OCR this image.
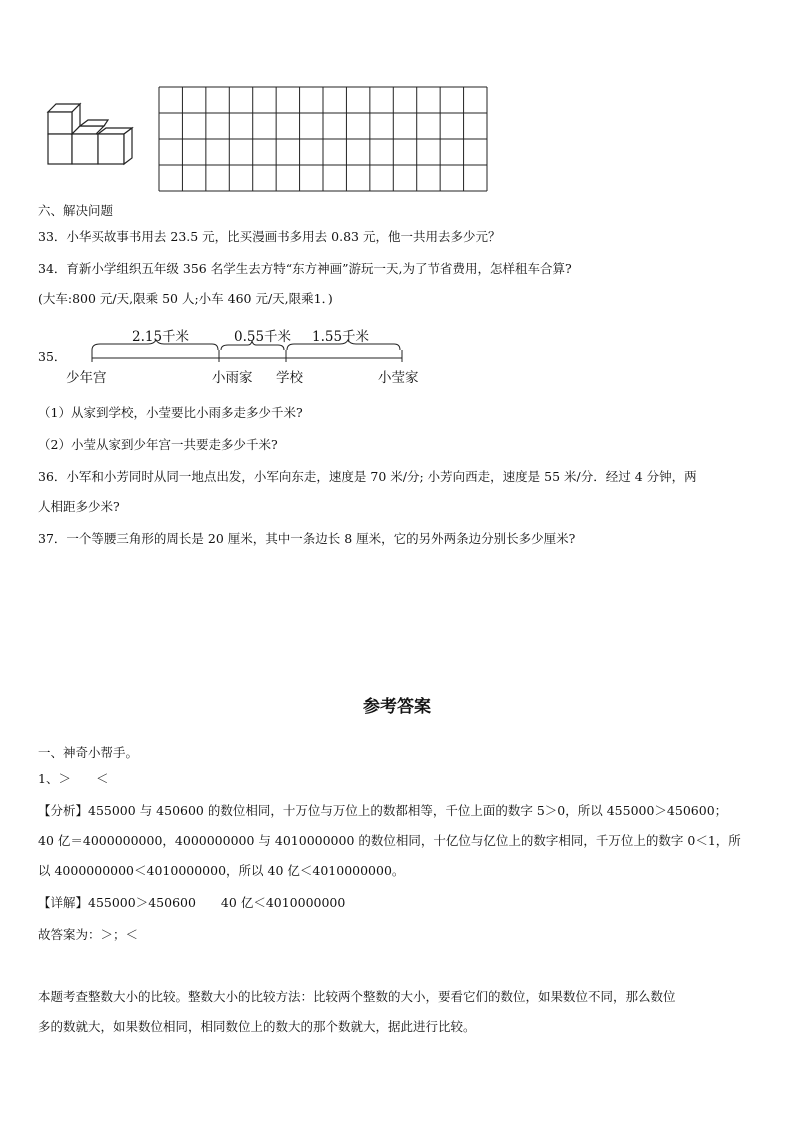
六、解决问题
33．小华买故事书用去 23.5 元，比买漫画书多用去 0.83 元，他一共用去多少元？
34．育新小学组织五年级 356 名学生去方特“东方神画”游玩一天,为了节省费用，怎样租车合算?
(大车:800 元/天,限乘 50 人;小车 460 元/天,限乘1．)
35．
2.15千米	0.55千米 1.55千米
少年宫	小雨家 学校	小莹家
（1）从家到学校，小莹要比小雨多走多少千米?
（2）小莹从家到少年宫一共要走多少千米?
36．小军和小芳同时从同一地点出发，小军向东走，速度是 70 米/分; 小芳向西走，速度是 55 米/分．经过 4 分钟，两
人相距多少米?
37．一个等腰三角形的周长是 20 厘米，其中一条边长 8 厘米，它的另外两条边分别长多少厘米?
参考答案
一、神奇小帮手。
1、＞　　＜
【分析】455000 与 450600 的数位相同，十万位与万位上的数都相等，千位上面的数字 5＞0，所以 455000＞450600；
40 亿＝4000000000，4000000000 与 4010000000 的数位相同，十亿位与亿位上的数字相同，千万位上的数字 0＜1，所
以 4000000000＜4010000000，所以 40 亿＜4010000000。
【详解】455000＞450600　　40 亿＜4010000000
故答案为：＞；＜
本题考查整数大小的比较。整数大小的比较方法：比较两个整数的大小，要看它们的数位，如果数位不同，那么数位
多的数就大，如果数位相同，相同数位上的数大的那个数就大，据此进行比较。
